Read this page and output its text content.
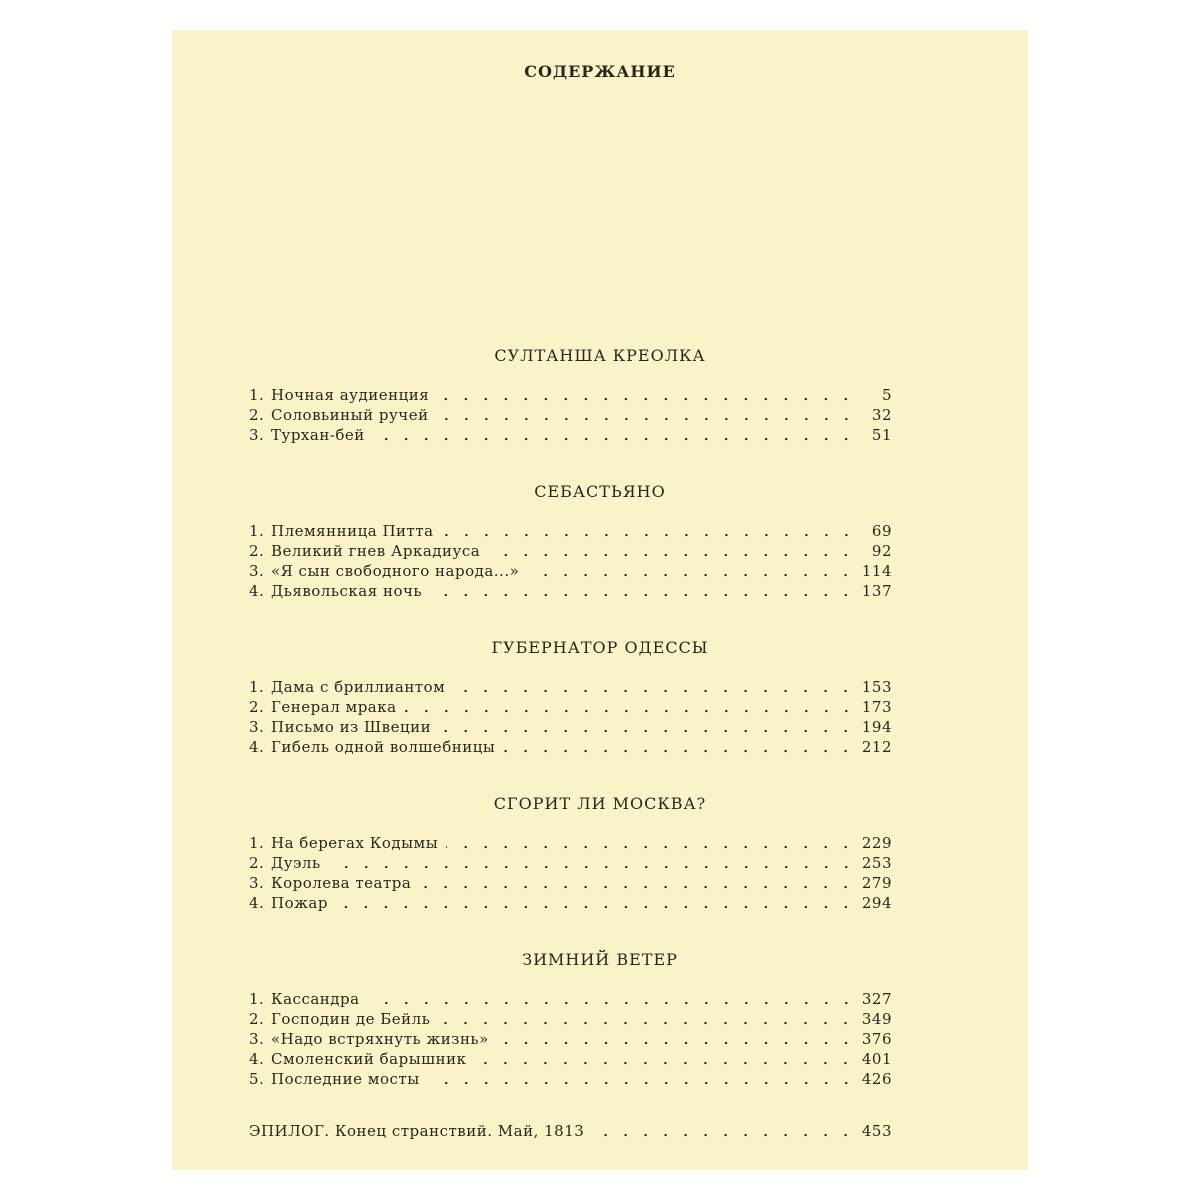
СОДЕРЖАНИЕ
СУЛТАНША КРЕОЛКА
1. Ночная аудиенция	5
2. Соловьиный ручей	32
3. Турхан-бей	51
СЕБАСТЬЯНО
1. Племянница Питта	69
2. Великий гнев Аркадиуса	92
3. «Я сын свободного народа...»	114
4. Дьявольская ночь	137
ГУБЕРНАТОР ОДЕССЫ
1. Дама с бриллиантом	153
2. Генерал мрака	173
3. Письмо из Швеции	194
4. Гибель одной волшебницы	212
СГОРИТ ЛИ МОСКВА?
1. На берегах Кодымы	229
2. Дуэль	253
3. Королева театра	279
4. Пожар	294
ЗИМНИЙ ВЕТЕР
1. Кассандра	327
2. Господин де Бейль	349
3. «Надо встряхнуть жизнь»	376
4. Смоленский барышник	401
5. Последние мосты	426
ЭПИЛОГ. Конец странствий. Май, 1813	453
